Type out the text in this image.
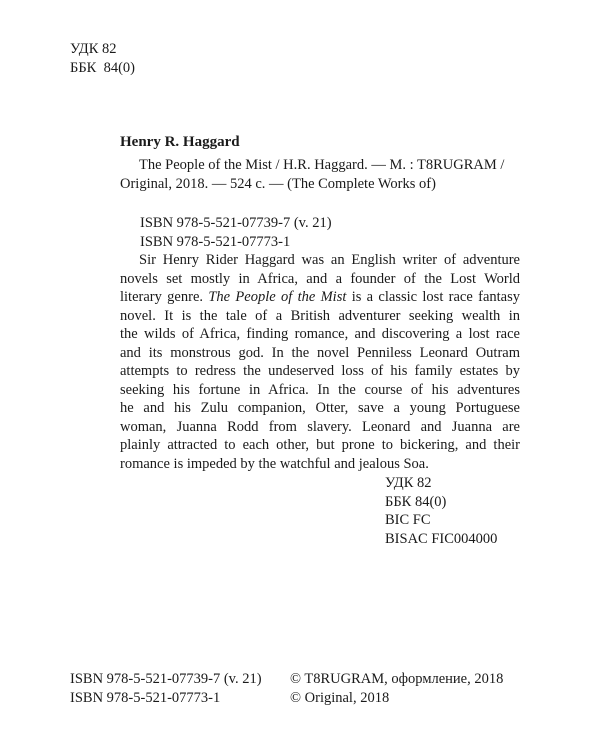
УДК 82
ББК  84(0)
Henry R. Haggard
The People of the Mist / H.R. Haggard. — M. : T8RUGRAM /
Original, 2018. — 524 c. — (The Complete Works of)
ISBN 978-5-521-07739-7 (v. 21)
ISBN 978-5-521-07773-1
Sir Henry Rider Haggard was an English writer of adventure
novels set mostly in Africa, and a founder of the Lost World
literary genre. The People of the Mist is a classic lost race fantasy
novel. It is the tale of a British adventurer seeking wealth in
the wilds of Africa, finding romance, and discovering a lost race
and its monstrous god. In the novel Penniless Leonard Outram
attempts to redress the undeserved loss of his family estates by
seeking his fortune in Africa. In the course of his adventures
he and his Zulu companion, Otter, save a young Portuguese
woman, Juanna Rodd from slavery. Leonard and Juanna are
plainly attracted to each other, but prone to bickering, and their
romance is impeded by the watchful and jealous Soa.
УДК 82
ББК 84(0)
BIC FC
BISAC FIC004000
ISBN 978-5-521-07739-7 (v. 21)
ISBN 978-5-521-07773-1
© T8RUGRAM, оформление, 2018
© Original, 2018
